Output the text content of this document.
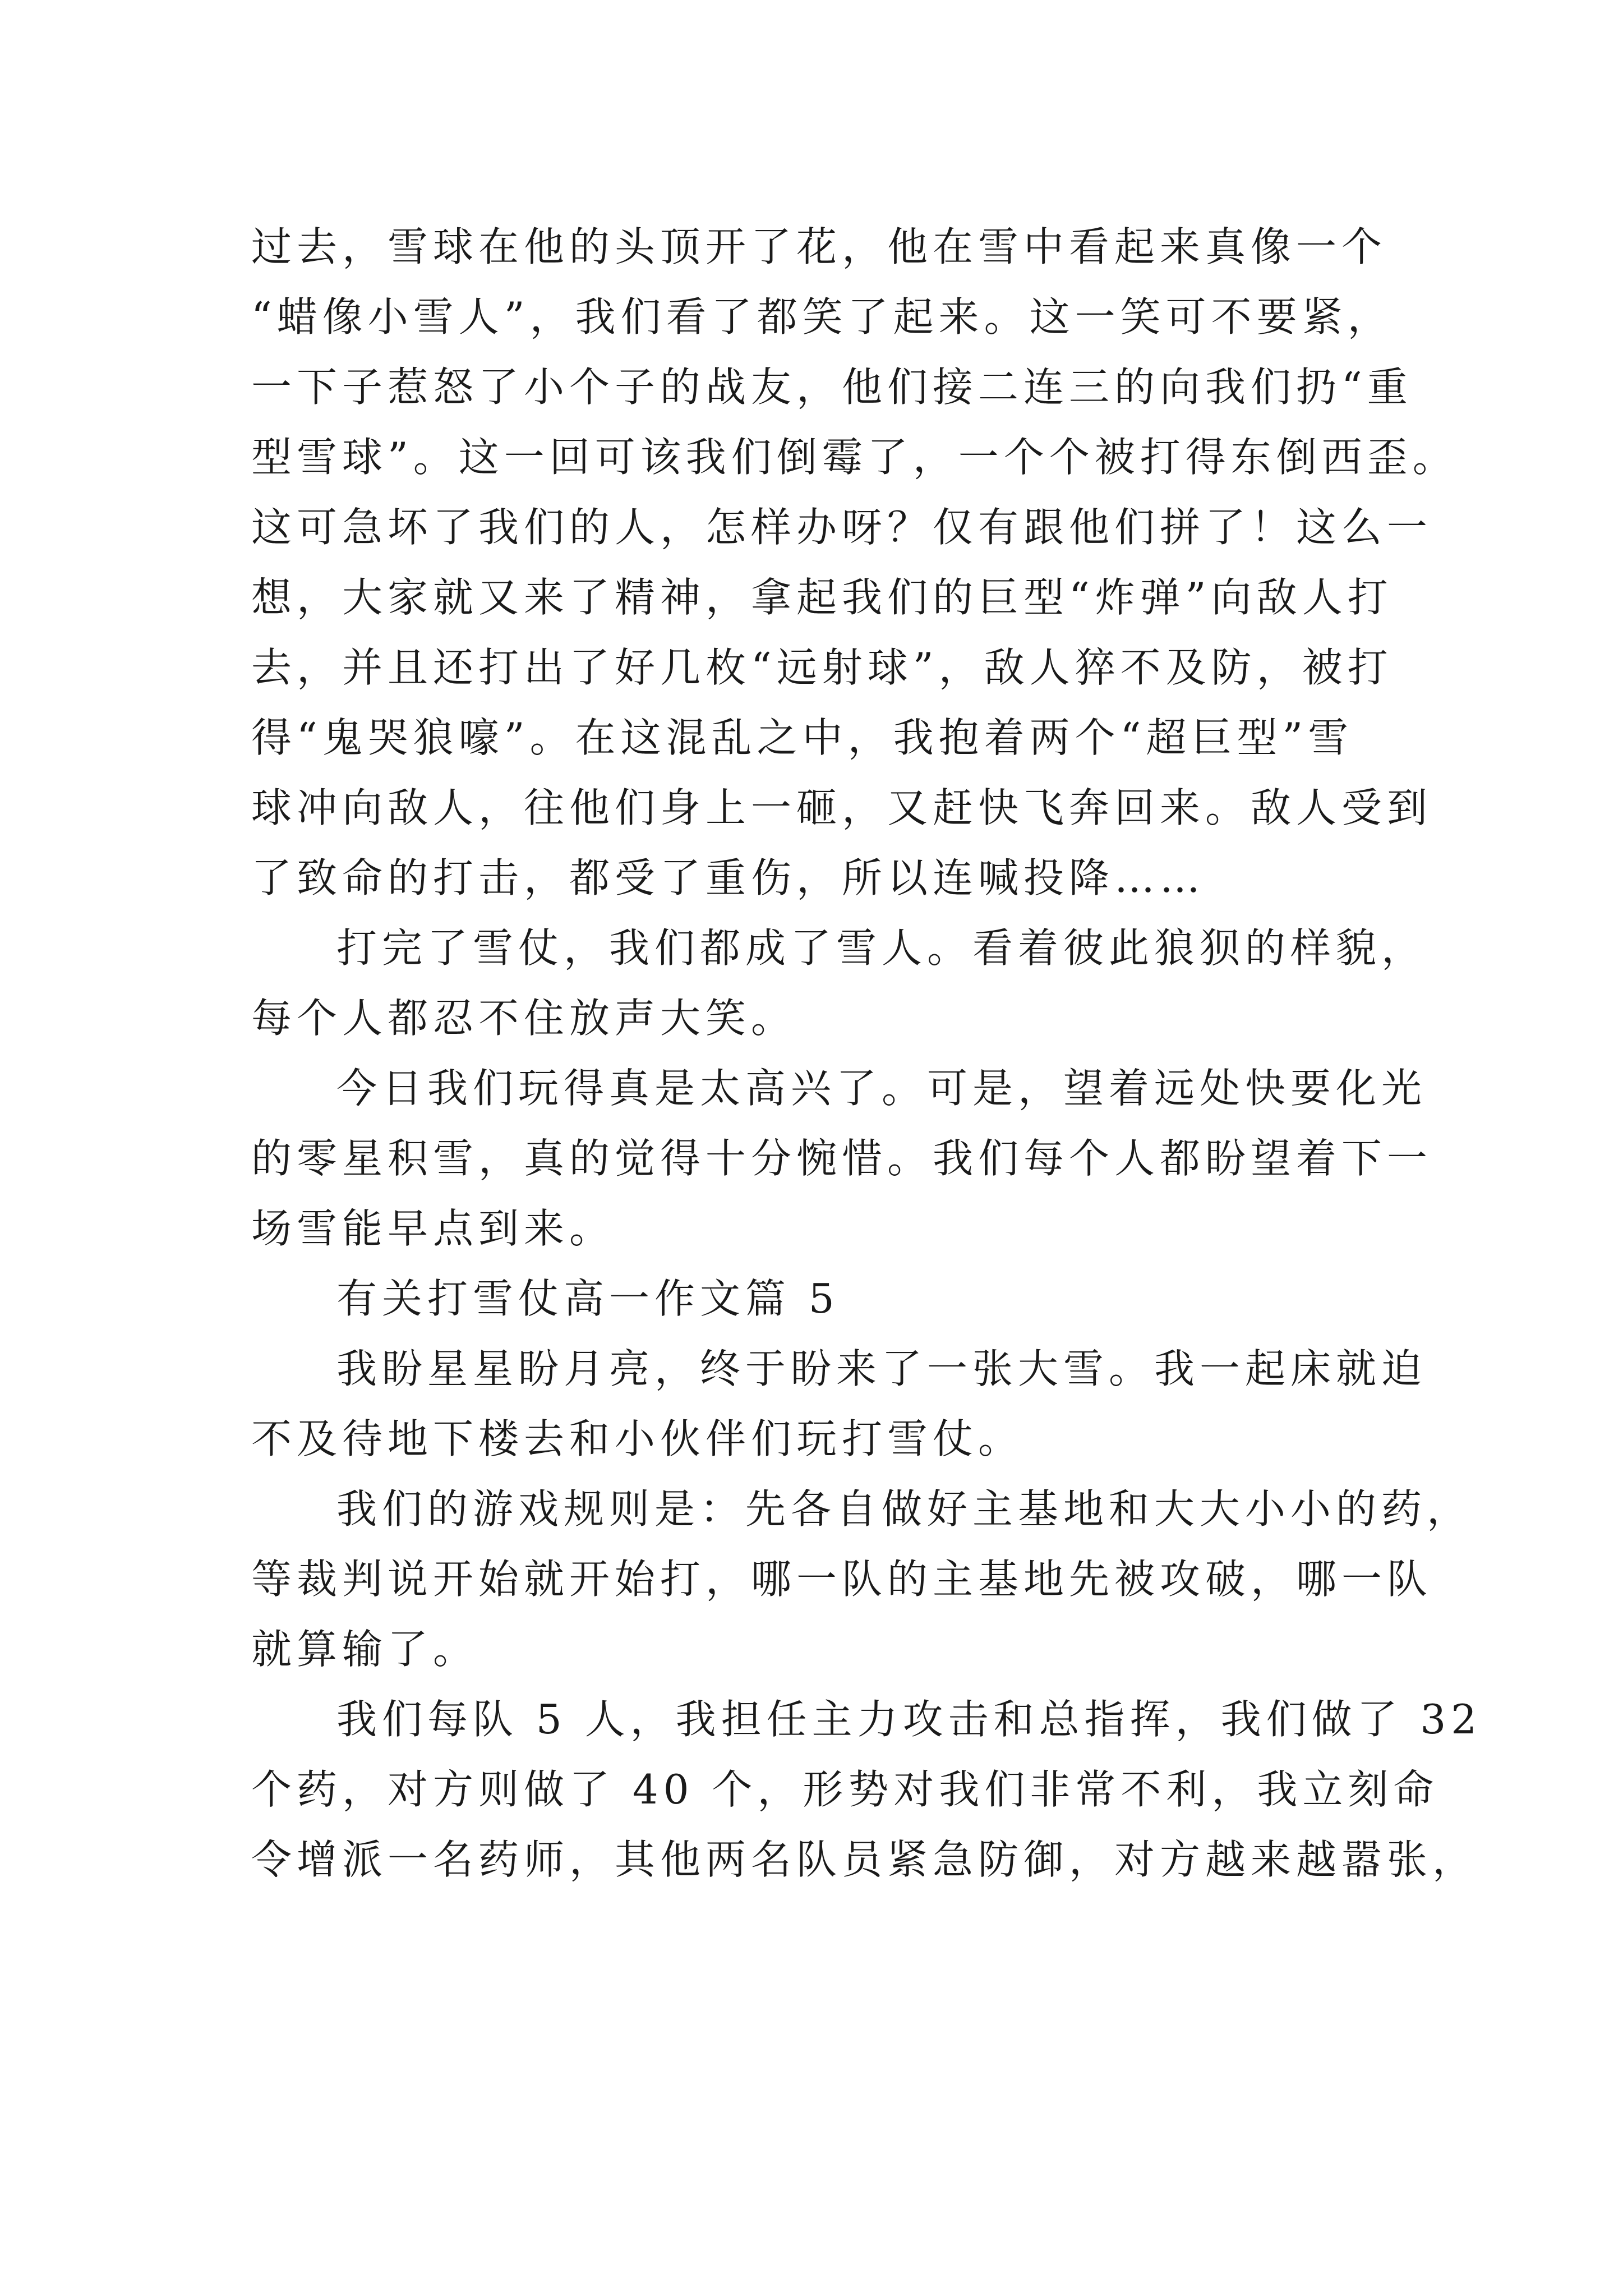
过去，雪球在他的头顶开了花，他在雪中看起来真像一个
“蜡像小雪人”，我们看了都笑了起来。这一笑可不要紧，
一下子惹怒了小个子的战友，他们接二连三的向我们扔“重
型雪球”。这一回可该我们倒霉了，一个个被打得东倒西歪。
这可急坏了我们的人，怎样办呀？仅有跟他们拼了！这么一
想，大家就又来了精神，拿起我们的巨型“炸弹”向敌人打
去，并且还打出了好几枚“远射球”，敌人猝不及防，被打
得“鬼哭狼嚎”。在这混乱之中，我抱着两个“超巨型”雪
球冲向敌人，往他们身上一砸，又赶快飞奔回来。敌人受到
了致命的打击，都受了重伤，所以连喊投降……
打完了雪仗，我们都成了雪人。看着彼此狼狈的样貌，
每个人都忍不住放声大笑。
今日我们玩得真是太高兴了。可是，望着远处快要化光
的零星积雪，真的觉得十分惋惜。我们每个人都盼望着下一
场雪能早点到来。
有关打雪仗高一作文篇 5
我盼星星盼月亮，终于盼来了一张大雪。我一起床就迫
不及待地下楼去和小伙伴们玩打雪仗。
我们的游戏规则是：先各自做好主基地和大大小小的药，
等裁判说开始就开始打，哪一队的主基地先被攻破，哪一队
就算输了。
我们每队 5 人，我担任主力攻击和总指挥，我们做了 32
个药，对方则做了 40 个，形势对我们非常不利，我立刻命
令增派一名药师，其他两名队员紧急防御，对方越来越嚣张，
